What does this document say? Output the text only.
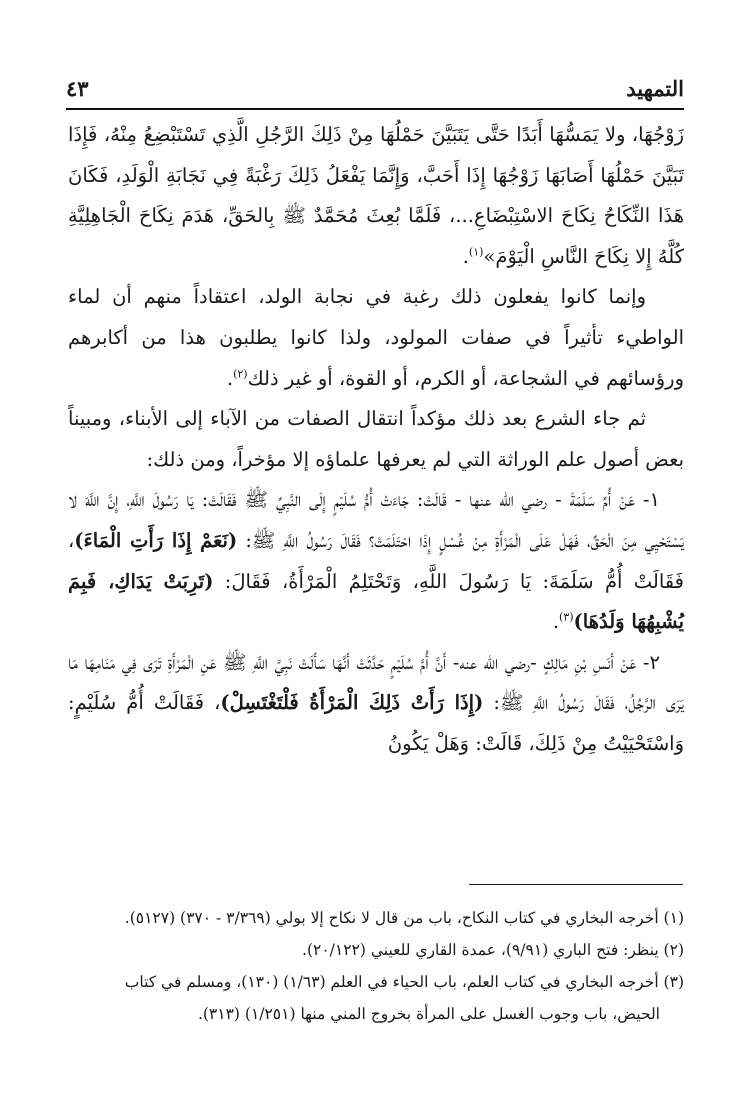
التمهيد
٤٣

زَوْجُهَا، ولا يَمَسُّهَا أَبَدًا حَتَّى يَتَبَيَّنَ حَمْلُهَا مِنْ ذَلِكَ الرَّجُلِ الَّذِي تَسْتَبْضِعُ مِنْهُ، فَإِذَا تَبَيَّنَ حَمْلُهَا أَصَابَهَا زَوْجُهَا إِذَا أَحَبَّ، وَإِنَّمَا يَفْعَلُ ذَلِكَ رَغْبَةً فِي نَجَابَةِ الْوَلَدِ، فَكَانَ هَذَا النِّكَاحُ نِكَاحَ الاسْتِبْضَاعِ...، فَلَمَّا بُعِثَ مُحَمَّدٌ ﷺ بِالحَقِّ، هَدَمَ نِكَاحَ الْجَاهِلِيَّةِ كُلَّهُ إِلا نِكَاحَ النَّاسِ الْيَوْمَ»$^{(١)}$.

وإنما كانوا يفعلون ذلك رغبة في نجابة الولد، اعتقاداً منهم أن لماء الواطيء تأثيراً في صفات المولود، ولذا كانوا يطلبون هذا من أكابرهم ورؤسائهم في الشجاعة، أو الكرم، أو القوة، أو غير ذلك$^{(٢)}$.

ثم جاء الشرع بعد ذلك مؤكداً انتقال الصفات من الآباء إلى الأبناء، ومبيناً بعض أصول علم الوراثة التي لم يعرفها علماؤه إلا مؤخراً، ومن ذلك:

١- عَنْ أُمِّ سَلَمَةَ - رضي الله عنها - قَالَتْ: جَاءَتْ أُمُّ سُلَيْمٍ إِلَى النَّبِيِّ ﷺ فَقَالَتْ: يَا رَسُولَ اللَّهِ، إِنَّ اللَّهَ لا يَسْتَحْيِي مِنَ الْحَقِّ، فَهَلْ عَلَى الْمَرْأَةِ مِنْ غُسْلٍ إِذَا احْتَلَمَتْ؟ فَقَالَ رَسُولُ اللَّهِ ﷺ: (نَعَمْ إِذَا رَأَتِ الْمَاءَ)، فَقَالَتْ أُمُّ سَلَمَةَ: يَا رَسُولَ اللَّهِ، وَتَحْتَلِمُ الْمَرْأَةُ، فَقَالَ: (تَرِبَتْ يَدَاكِ، فَبِمَ يُشْبِهُهَا وَلَدُهَا)$^{(٣)}$.

٢- عَنْ أَنَسِ بْنِ مَالِكٍ -رضي الله عنه- أَنَّ أُمَّ سُلَيْمٍ حَدَّثَتْ أَنَّهَا سَأَلَتْ نَبِيَّ اللَّهِ ﷺ عَنِ الْمَرْأَةِ تَرَى فِي مَنَامِهَا مَا يَرَى الرَّجُلُ، فَقَالَ رَسُولُ اللَّهِ ﷺ: (إِذَا رَأَتْ ذَلِكَ الْمَرْأَةُ فَلْتَغْتَسِلْ)، فَقَالَتْ أُمُّ سُلَيْمٍ: وَاسْتَحْيَيْتُ مِنْ ذَلِكَ، قَالَتْ: وَهَلْ يَكُونُ

(١) أخرجه البخاري في كتاب النكاح، باب من قال لا نكاح إلا بولي (٣/٣٦٩ - ٣٧٠) (٥١٢٧).

(٢) ينظر: فتح الباري (٩/٩١)، عمدة القاري للعيني (٢٠/١٢٢).

(٣) أخرجه البخاري في كتاب العلم، باب الحياء في العلم (١/٦٣) (١٣٠)، ومسلم في كتاب

الحيض، باب وجوب الغسل على المرأة بخروج المني منها (١/٢٥١) (٣١٣).
